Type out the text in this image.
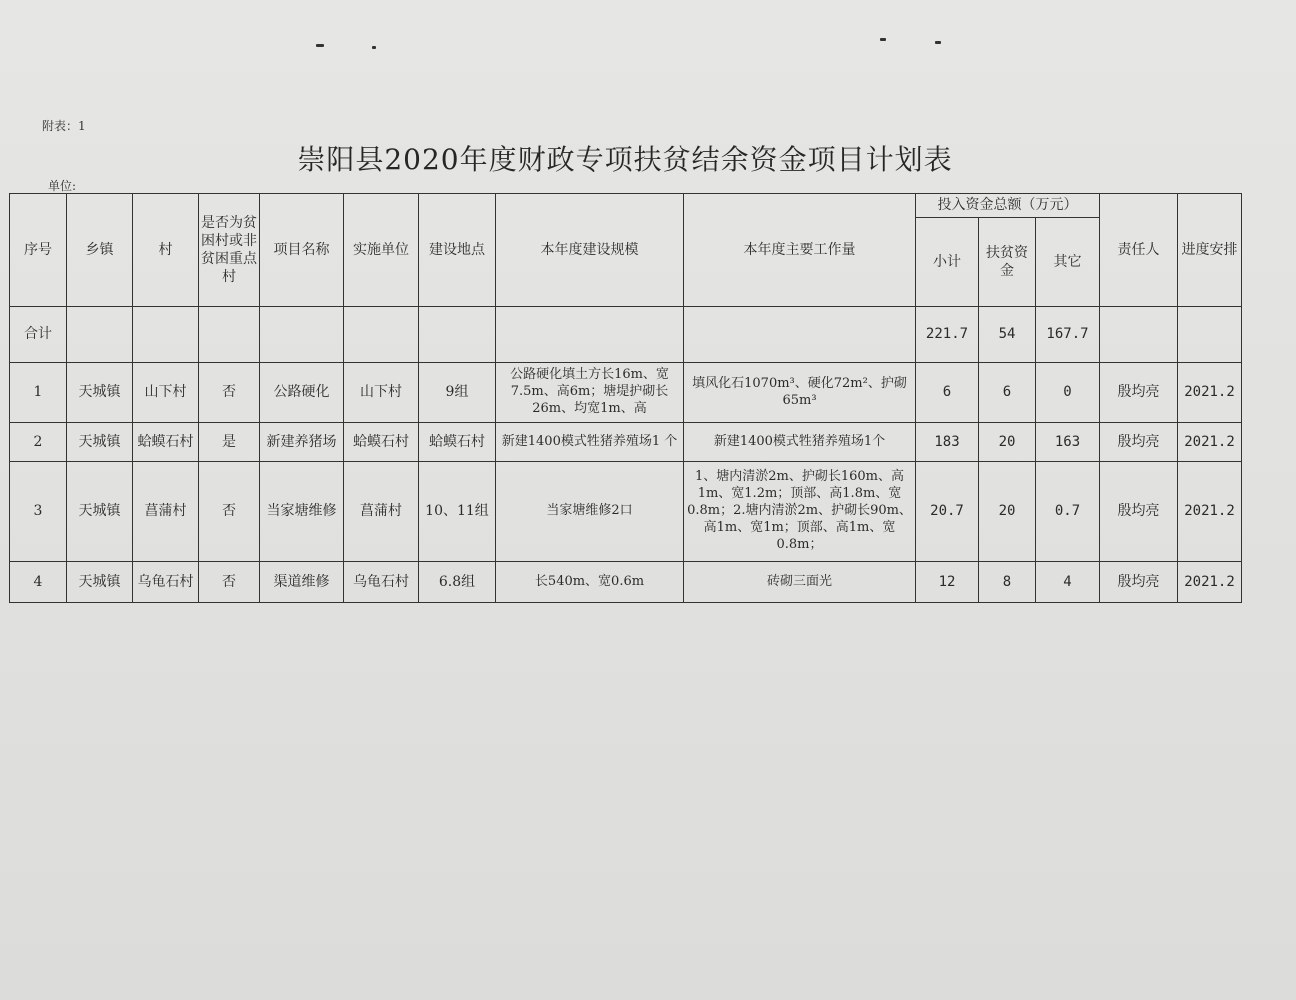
附表：1
崇阳县2020年度财政专项扶贫结余资金项目计划表
单位:
序号	乡镇	村	是否为贫困村或非贫困重点村	项目名称	实施单位	建设地点	本年度建设规模	本年度主要工作量	投入资金总额（万元）			责任人	进度安排
									小计	扶贫资金	其它		
合计									221.7	54	167.7		
1	天城镇	山下村	否	公路硬化	山下村	9组	公路硬化填土方长16m、宽7.5m、高6m；塘堤护砌长26m、均宽1m、高	填风化石1070m³、硬化72m²、护砌65m³	6	6	0	殷均亮	2021.2
2	天城镇	蛤蟆石村	是	新建养猪场	蛤蟆石村	蛤蟆石村	新建1400模式牲猪养殖场1 个	新建1400模式牲猪养殖场1个	183	20	163	殷均亮	2021.2
3	天城镇	菖蒲村	否	当家塘维修	菖蒲村	10、11组	当家塘维修2口	1、塘内清淤2m、护砌长160m、高1m、宽1.2m；顶部、高1.8m、宽0.8m；2.塘内清淤2m、护砌长90m、高1m、宽1m；顶部、高1m、宽0.8m；	20.7	20	0.7	殷均亮	2021.2
4	天城镇	乌龟石村	否	渠道维修	乌龟石村	6.8组	长540m、宽0.6m	砖砌三面光	12	8	4	殷均亮	2021.2
